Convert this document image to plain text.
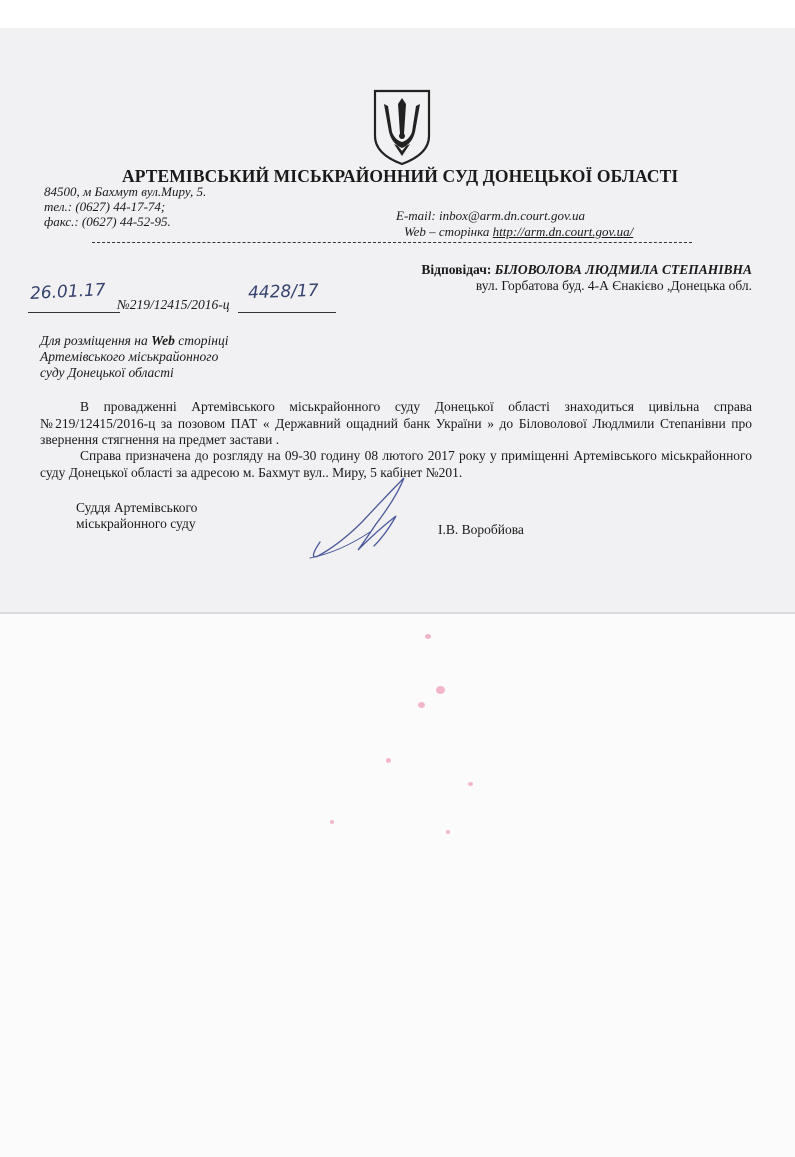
АРТЕМІВСЬКИЙ МІСЬКРАЙОННИЙ СУД ДОНЕЦЬКОЇ ОБЛАСТІ
84500, м Бахмут вул.Миру, 5.
тел.: (0627) 44-17-74;
факс.: (0627) 44-52-95.	E-mail: inbox@arm.dn.court.gov.ua
Web – сторінка http://arm.dn.court.gov.ua/
Відповідач: БІЛОВОЛОВА ЛЮДМИЛА СТЕПАНІВНА
вул. Горбатова буд. 4-А Єнакієво ,Донецька обл.
26.01.17
№219/12415/2016-ц
4428/17
Для розміщення на Web сторінці
Артемівського міськрайонного
суду Донецької області

В провадженні Артемівського міськрайонного суду Донецької області знаходиться цивільна справа №219/12415/2016-ц за позовом ПАТ « Державний ощадний банк України » до Біловолової Людлмили Степанівни про звернення стягнення на предмет застави .

Справа призначена до розгляду на 09-30 годину 08 лютого 2017 року у приміщенні Артемівського міськрайонного суду Донецької області за адресою м. Бахмут вул.. Миру, 5 кабінет №201.

Суддя Артемівського
міськрайонного суду	І.В. Воробйова
